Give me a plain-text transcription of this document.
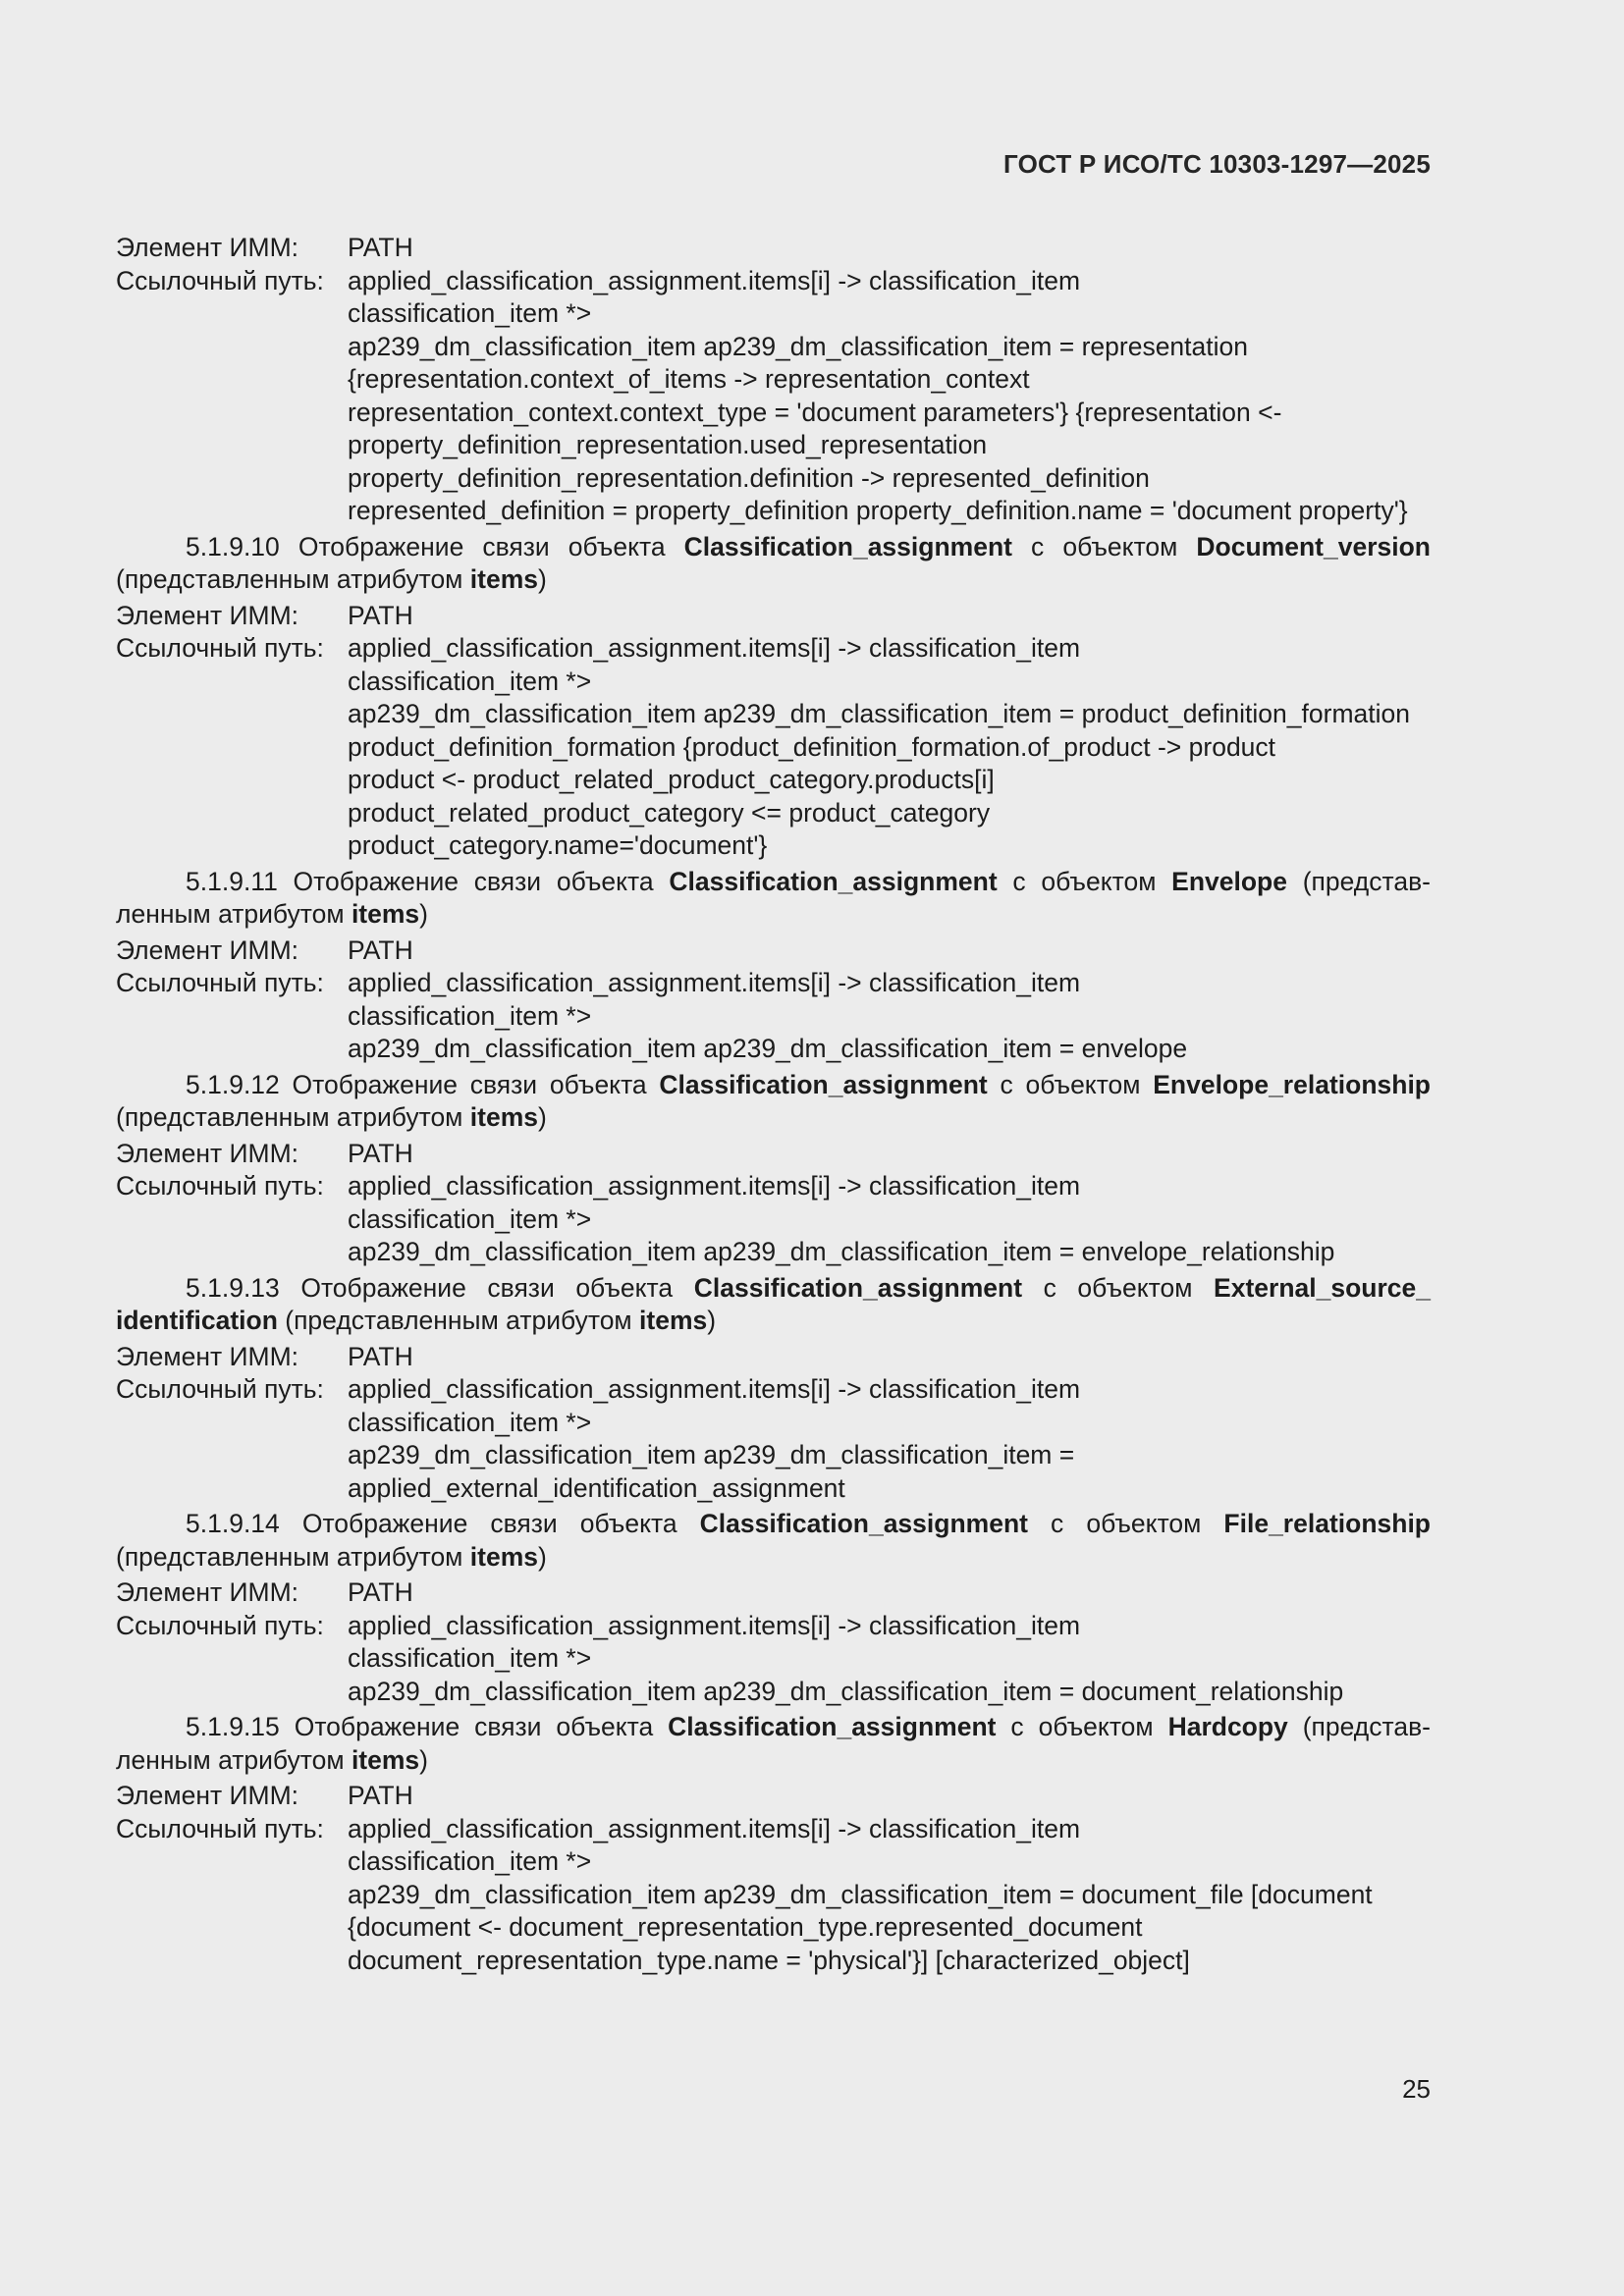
ГОСТ Р ИСО/ТС 10303-1297—2025
Элемент ИММ:	PATH
Ссылочный путь: applied_classification_assignment.items[i] -> classification_item
classification_item *>
ap239_dm_classification_item ap239_dm_classification_item = representation
{representation.context_of_items -> representation_context
representation_context.context_type = 'document parameters'} {representation <-
property_definition_representation.used_representation
property_definition_representation.definition -> represented_definition
represented_definition = property_definition property_definition.name = 'document property'}
5.1.9.10 Отображение связи объекта Classification_assignment с объектом Document_version (представленным атрибутом items)
Элемент ИММ:	PATH
Ссылочный путь: applied_classification_assignment.items[i] -> classification_item
classification_item *>
ap239_dm_classification_item ap239_dm_classification_item = product_definition_formation
product_definition_formation {product_definition_formation.of_product -> product
product <- product_related_product_category.products[i]
product_related_product_category <= product_category
product_category.name='document'}
5.1.9.11 Отображение связи объекта Classification_assignment с объектом Envelope (представленным атрибутом items)
Элемент ИММ:	PATH
Ссылочный путь: applied_classification_assignment.items[i] -> classification_item
classification_item *>
ap239_dm_classification_item ap239_dm_classification_item = envelope
5.1.9.12 Отображение связи объекта Classification_assignment с объектом Envelope_relationship (представленным атрибутом items)
Элемент ИММ:	PATH
Ссылочный путь: applied_classification_assignment.items[i] -> classification_item
classification_item *>
ap239_dm_classification_item ap239_dm_classification_item = envelope_relationship
5.1.9.13 Отображение связи объекта Classification_assignment с объектом External_source_​identification (представленным атрибутом items)
Элемент ИММ:	PATH
Ссылочный путь: applied_classification_assignment.items[i] -> classification_item
classification_item *>
ap239_dm_classification_item ap239_dm_classification_item =
applied_external_identification_assignment
5.1.9.14 Отображение связи объекта Classification_assignment с объектом File_relationship (представленным атрибутом items)
Элемент ИММ:	PATH
Ссылочный путь: applied_classification_assignment.items[i] -> classification_item
classification_item *>
ap239_dm_classification_item ap239_dm_classification_item = document_relationship
5.1.9.15 Отображение связи объекта Classification_assignment с объектом Hardcopy (представленным атрибутом items)
Элемент ИММ:	PATH
Ссылочный путь: applied_classification_assignment.items[i] -> classification_item
classification_item *>
ap239_dm_classification_item ap239_dm_classification_item = document_file [document
{document <- document_representation_type.represented_document
document_representation_type.name = 'physical'}] [characterized_object]
25
